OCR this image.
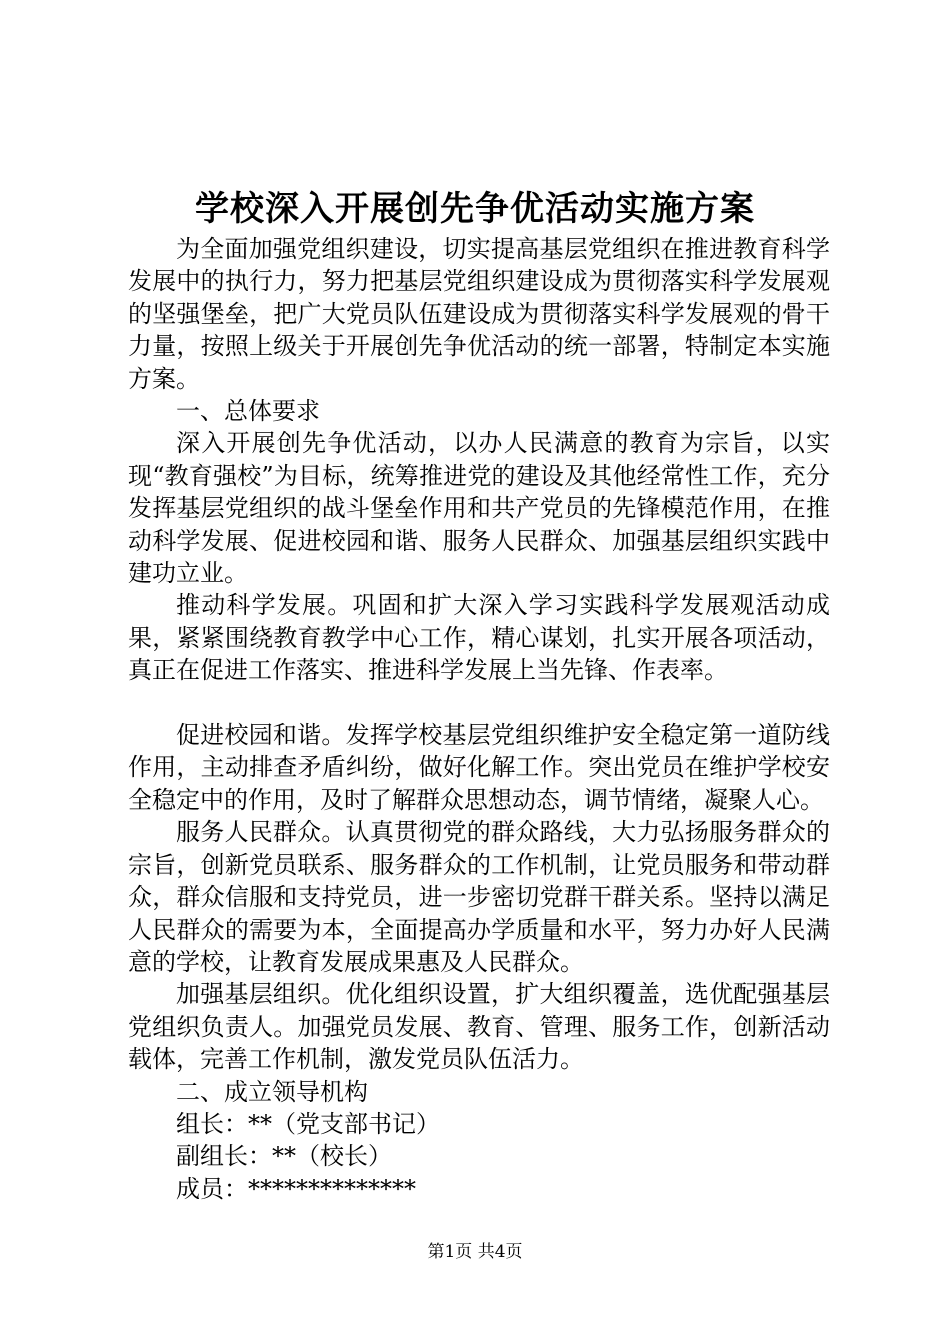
学校深入开展创先争优活动实施方案

为全面加强党组织建设，切实提高基层党组织在推进教育科学发展中的执行力，努力把基层党组织建设成为贯彻落实科学发展观的坚强堡垒，把广大党员队伍建设成为贯彻落实科学发展观的骨干力量，按照上级关于开展创先争优活动的统一部署，特制定本实施方案。

一、总体要求

深入开展创先争优活动，以办人民满意的教育为宗旨，以实现“教育强校”为目标，统筹推进党的建设及其他经常性工作，充分发挥基层党组织的战斗堡垒作用和共产党员的先锋模范作用，在推动科学发展、促进校园和谐、服务人民群众、加强基层组织实践中建功立业。

推动科学发展。巩固和扩大深入学习实践科学发展观活动成果，紧紧围绕教育教学中心工作，精心谋划，扎实开展各项活动，真正在促进工作落实、推进科学发展上当先锋、作表率。

促进校园和谐。发挥学校基层党组织维护安全稳定第一道防线作用，主动排查矛盾纠纷，做好化解工作。突出党员在维护学校安全稳定中的作用，及时了解群众思想动态，调节情绪，凝聚人心。

服务人民群众。认真贯彻党的群众路线，大力弘扬服务群众的宗旨，创新党员联系、服务群众的工作机制，让党员服务和带动群众，群众信服和支持党员，进一步密切党群干群关系。坚持以满足人民群众的需要为本，全面提高办学质量和水平，努力办好人民满意的学校，让教育发展成果惠及人民群众。

加强基层组织。优化组织设置，扩大组织覆盖，选优配强基层党组织负责人。加强党员发展、教育、管理、服务工作，创新活动载体，完善工作机制，激发党员队伍活力。

二、成立领导机构

组长：**（党支部书记）

副组长：**（校长）

成员：**************

第1页 共4页
